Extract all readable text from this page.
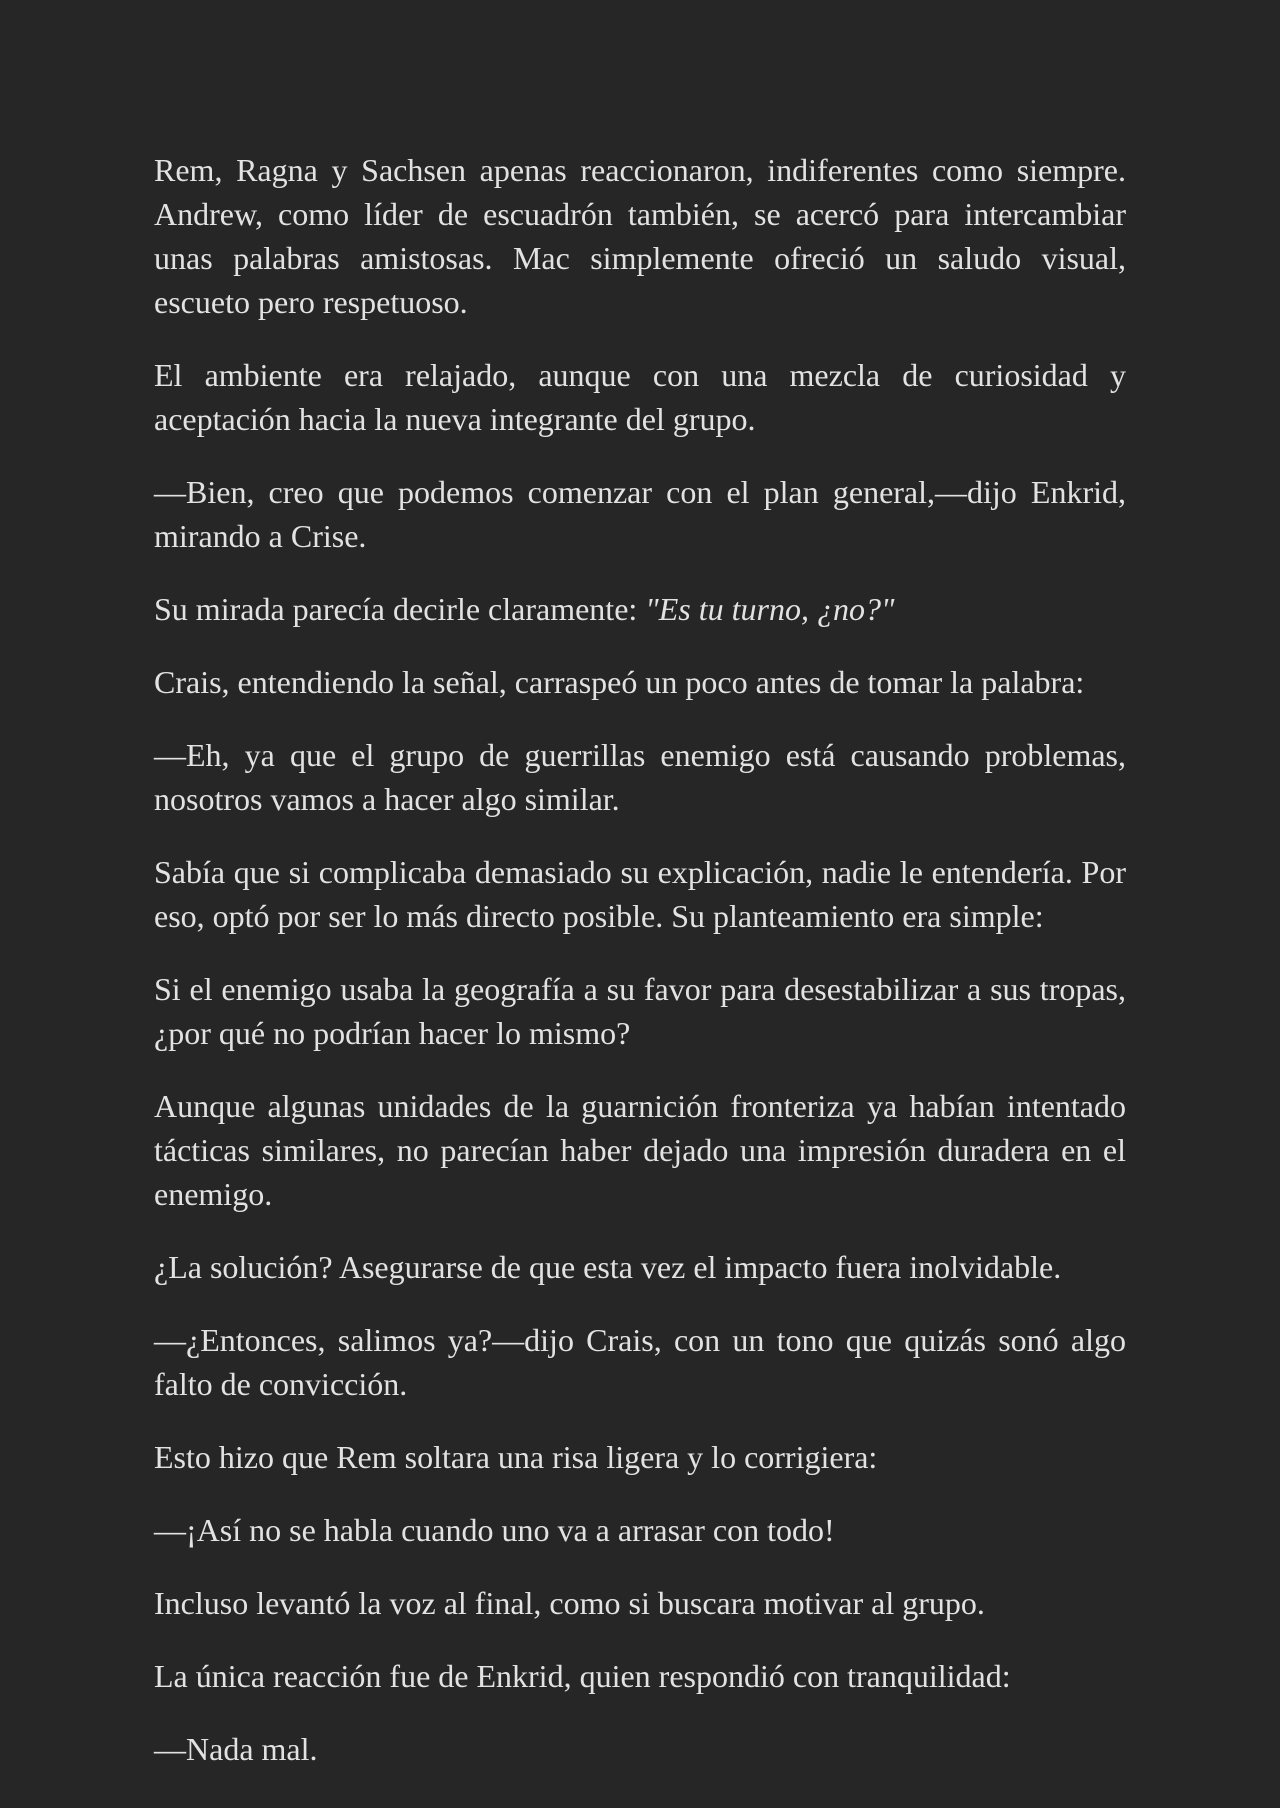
Rem, Ragna y Sachsen apenas reaccionaron, indiferentes como siempre. Andrew, como líder de escuadrón también, se acercó para intercambiar unas palabras amistosas. Mac simplemente ofreció un saludo visual, escueto pero respetuoso.

El ambiente era relajado, aunque con una mezcla de curiosidad y aceptación hacia la nueva integrante del grupo.

—Bien, creo que podemos comenzar con el plan general,—dijo Enkrid, mirando a Crise.

Su mirada parecía decirle claramente: "Es tu turno, ¿no?"

Crais, entendiendo la señal, carraspeó un poco antes de tomar la palabra:

—Eh, ya que el grupo de guerrillas enemigo está causando problemas, nosotros vamos a hacer algo similar.

Sabía que si complicaba demasiado su explicación, nadie le entendería. Por eso, optó por ser lo más directo posible. Su planteamiento era simple:

Si el enemigo usaba la geografía a su favor para desestabilizar a sus tropas, ¿por qué no podrían hacer lo mismo?

Aunque algunas unidades de la guarnición fronteriza ya habían intentado tácticas similares, no parecían haber dejado una impresión duradera en el enemigo.

¿La solución? Asegurarse de que esta vez el impacto fuera inolvidable.

—¿Entonces, salimos ya?—dijo Crais, con un tono que quizás sonó algo falto de convicción.

Esto hizo que Rem soltara una risa ligera y lo corrigiera:

—¡Así no se habla cuando uno va a arrasar con todo!

Incluso levantó la voz al final, como si buscara motivar al grupo.

La única reacción fue de Enkrid, quien respondió con tranquilidad:

—Nada mal.
